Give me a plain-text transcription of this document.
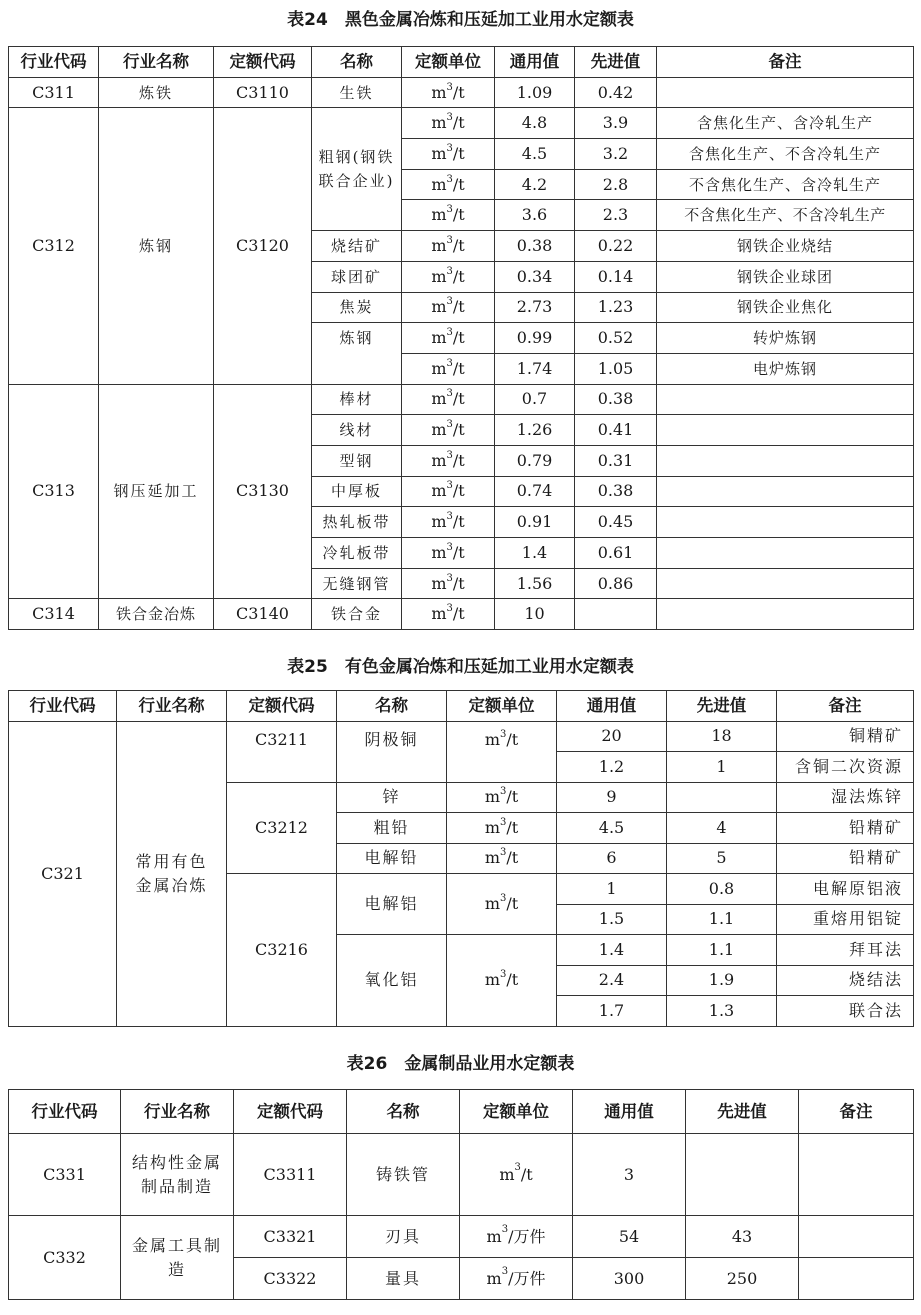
表24　黑色金属冶炼和压延加工业用水定额表
行业代码	行业名称	定额代码	名称	定额单位	通用值	先进值	备注
C311	炼铁	C3110	生铁	$m^3/t$	1.09	0.42	
C312	炼钢	C3120	粗钢(钢铁联合企业)	$m^3/t$	4.8	3.9	含焦化生产、含冷轧生产
				$m^3/t$	4.5	3.2	含焦化生产、不含冷轧生产
				$m^3/t$	4.2	2.8	不含焦化生产、含冷轧生产
				$m^3/t$	3.6	2.3	不含焦化生产、不含冷轧生产
			烧结矿	$m^3/t$	0.38	0.22	钢铁企业烧结
			球团矿	$m^3/t$	0.34	0.14	钢铁企业球团
			焦炭	$m^3/t$	2.73	1.23	钢铁企业焦化
			炼钢	$m^3/t$	0.99	0.52	转炉炼钢
				$m^3/t$	1.74	1.05	电炉炼钢
C313	钢压延加工	C3130	棒材	$m^3/t$	0.7	0.38	
			线材	$m^3/t$	1.26	0.41	
			型钢	$m^3/t$	0.79	0.31	
			中厚板	$m^3/t$	0.74	0.38	
			热轧板带	$m^3/t$	0.91	0.45	
			冷轧板带	$m^3/t$	1.4	0.61	
			无缝钢管	$m^3/t$	1.56	0.86	
C314	铁合金冶炼	C3140	铁合金	$m^3/t$	10		
表25　有色金属冶炼和压延加工业用水定额表
行业代码	行业名称	定额代码	名称	定额单位	通用值	先进值	备注
C321	常用有色金属冶炼	C3211	阴极铜	$m^3/t$	20	18	铜精矿
					1.2	1	含铜二次资源
		C3212	锌	$m^3/t$	9		湿法炼锌
			粗铅	$m^3/t$	4.5	4	铅精矿
			电解铅	$m^3/t$	6	5	铅精矿
		C3216	电解铝	$m^3/t$	1	0.8	电解原铝液
					1.5	1.1	重熔用铝锭
			氧化铝	$m^3/t$	1.4	1.1	拜耳法
					2.4	1.9	烧结法
					1.7	1.3	联合法
表26　金属制品业用水定额表
行业代码	行业名称	定额代码	名称	定额单位	通用值	先进值	备注
C331	结构性金属制品制造	C3311	铸铁管	$m^3/t$	3		
C332	金属工具制造	C3321	刃具	$m^3/$万件	54	43	
		C3322	量具	$m^3/$万件	300	250	
